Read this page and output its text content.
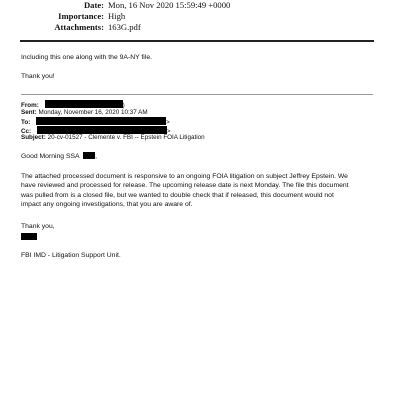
Date: Mon, 16 Nov 2020 15:59:49 +0000
Importance: High
Attachments: 163G.pdf
Including this one along with the 9A-NY file.
Thank you!
From:	)
Sent: Monday, November 16, 2020 10:37 AM
To:	>
Cc:	>
Subject: 20-cv-01527 - Clemente v. FBI -- Epstein FOIA Litigation
Good Morning SSA ,
The attached processed document is responsive to an ongoing FOIA litigation on subject Jeffrey Epstein. We
have reviewed and processed for release. The upcoming release date is next Monday. The file this document
was pulled from is a closed file, but we wanted to double check that if released, this document would not
impact any ongoing investigations, that you are aware of.
Thank you,
FBI IMD - Litigation Support Unit.
